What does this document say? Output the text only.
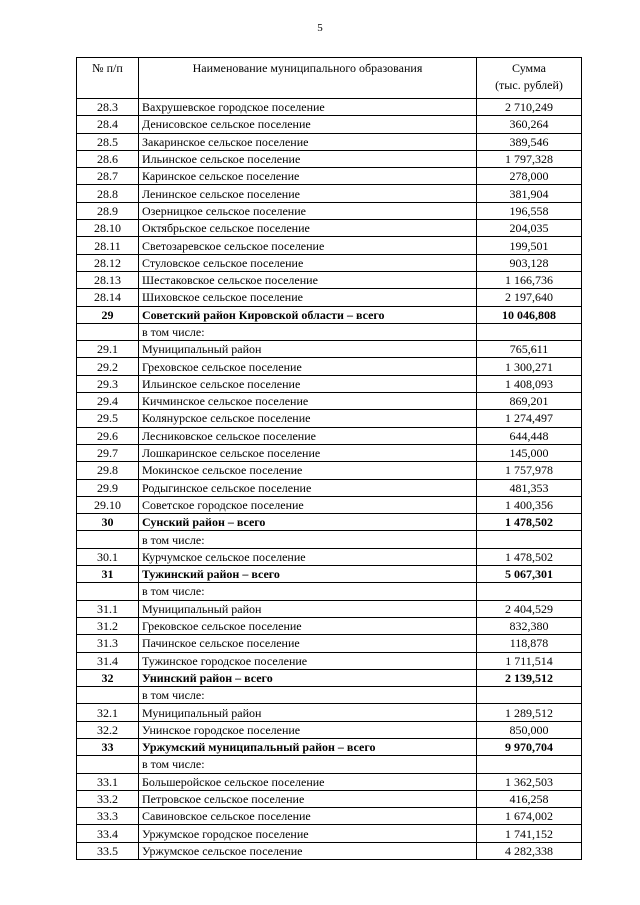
5
№ п/п	Наименование муниципального образования	Сумма
(тыс. рублей)

28.3	Вахрушевское городское поселение	2 710,249
28.4	Денисовское сельское поселение	360,264
28.5	Закаринское сельское поселение	389,546
28.6	Ильинское сельское поселение	1 797,328
28.7	Каринское сельское поселение	278,000
28.8	Ленинское сельское поселение	381,904
28.9	Озерницкое сельское поселение	196,558
28.10	Октябрьское сельское поселение	204,035
28.11	Светозаревское сельское поселение	199,501
28.12	Стуловское сельское поселение	903,128
28.13	Шестаковское сельское поселение	1 166,736
28.14	Шиховское сельское поселение	2 197,640
29	Советский район Кировской области – всего	10 046,808
	в том числе:	
29.1	Муниципальный район	765,611
29.2	Греховское сельское поселение	1 300,271
29.3	Ильинское сельское поселение	1 408,093
29.4	Кичминское сельское поселение	869,201
29.5	Колянурское сельское поселение	1 274,497
29.6	Лесниковское сельское поселение	644,448
29.7	Лошкаринское сельское поселение	145,000
29.8	Мокинское сельское поселение	1 757,978
29.9	Родыгинское сельское поселение	481,353
29.10	Советское городское поселение	1 400,356
30	Сунский район – всего	1 478,502
	в том числе:	
30.1	Курчумское сельское поселение	1 478,502
31	Тужинский район – всего	5 067,301
	в том числе:	
31.1	Муниципальный район	2 404,529
31.2	Грековское сельское поселение	832,380
31.3	Пачинское сельское поселение	118,878
31.4	Тужинское городское поселение	1 711,514
32	Унинский район – всего	2 139,512
	в том числе:	
32.1	Муниципальный район	1 289,512
32.2	Унинское городское поселение	850,000
33	Уржумский муниципальный район – всего	9 970,704
	в том числе:	
33.1	Большеройское сельское поселение	1 362,503
33.2	Петровское сельское поселение	416,258
33.3	Савиновское сельское поселение	1 674,002
33.4	Уржумское городское поселение	1 741,152
33.5	Уржумское сельское поселение	4 282,338
